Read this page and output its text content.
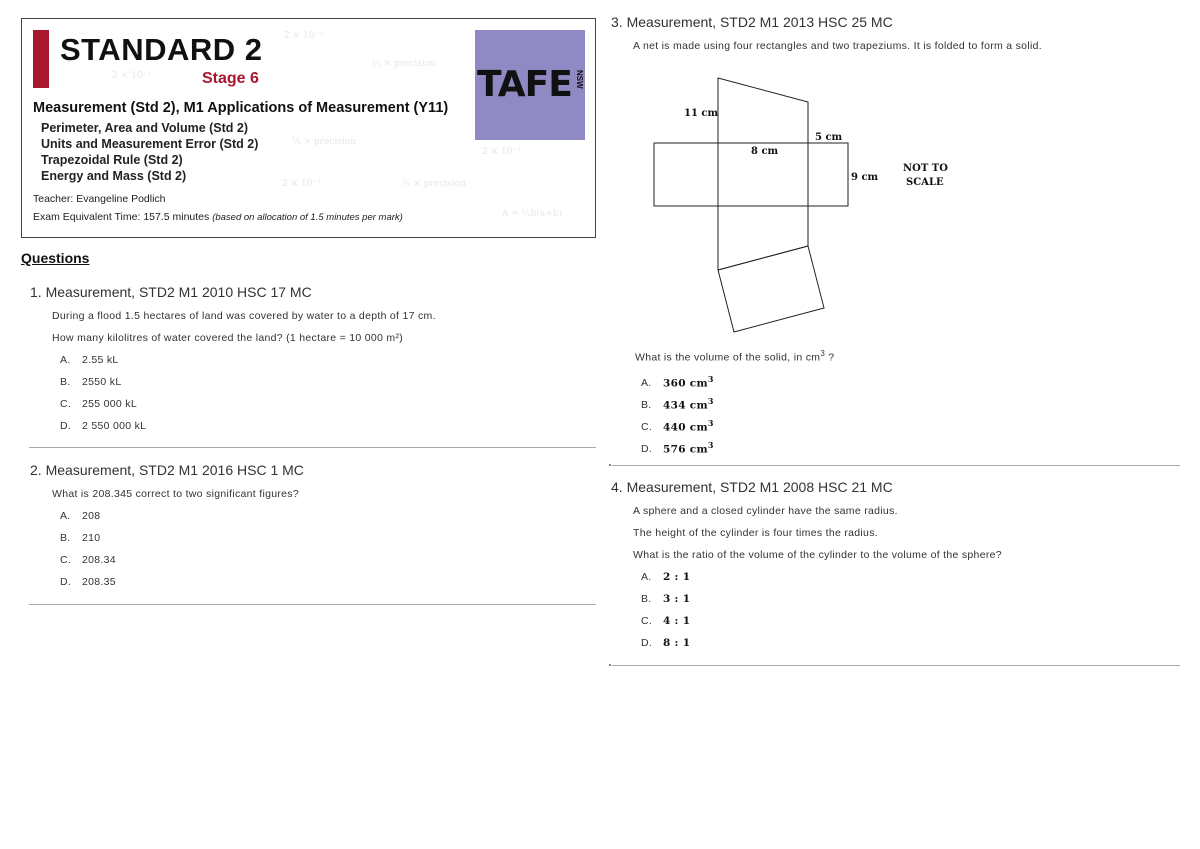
2 × 10⁻³
½ × precision
½ × precision
2 × 10⁻³
½ × precision
2 × 10⁻³
2 × 10⁻³
A = ½h(a+b)
STANDARD 2
Stage 6
Measurement (Std 2), M1 Applications of Measurement (Y11)
Perimeter, Area and Volume (Std 2)
Units and Measurement Error (Std 2)
Trapezoidal Rule (Std 2)
Energy and Mass (Std 2)
Teacher: Evangeline Podlich
Exam Equivalent Time: 157.5 minutes (based on allocation of 1.5 minutes per mark)
TAFE NSW
Questions

1. Measurement, STD2 M1 2010 HSC 17 MC

During a flood 1.5 hectares of land was covered by water to a depth of 17 cm.

How many kilolitres of water covered the land? (1 hectare = 10 000 m²)

A. 2.55 kL
B. 2550 kL
C. 255 000 kL
D. 2 550 000 kL

2. Measurement, STD2 M1 2016 HSC 1 MC

What is 208.345 correct to two significant figures?

A. 208
B. 210
C. 208.34
D. 208.35

3. Measurement, STD2 M1 2013 HSC 25 MC

A net is made using four rectangles and two trapeziums. It is folded to form a solid.

11 cm
8 cm
5 cm
9 cm
NOT TO
SCALE

What is the volume of the solid, in $cm^3$ ?

A. 360 $cm^3$
B. 434 $cm^3$
C. 440 $cm^3$
D. 576 $cm^3$

4. Measurement, STD2 M1 2008 HSC 21 MC

A sphere and a closed cylinder have the same radius.

The height of the cylinder is four times the radius.

What is the ratio of the volume of the cylinder to the volume of the sphere?

A. 2 : 1
B. 3 : 1
C. 4 : 1
D. 8 : 1
